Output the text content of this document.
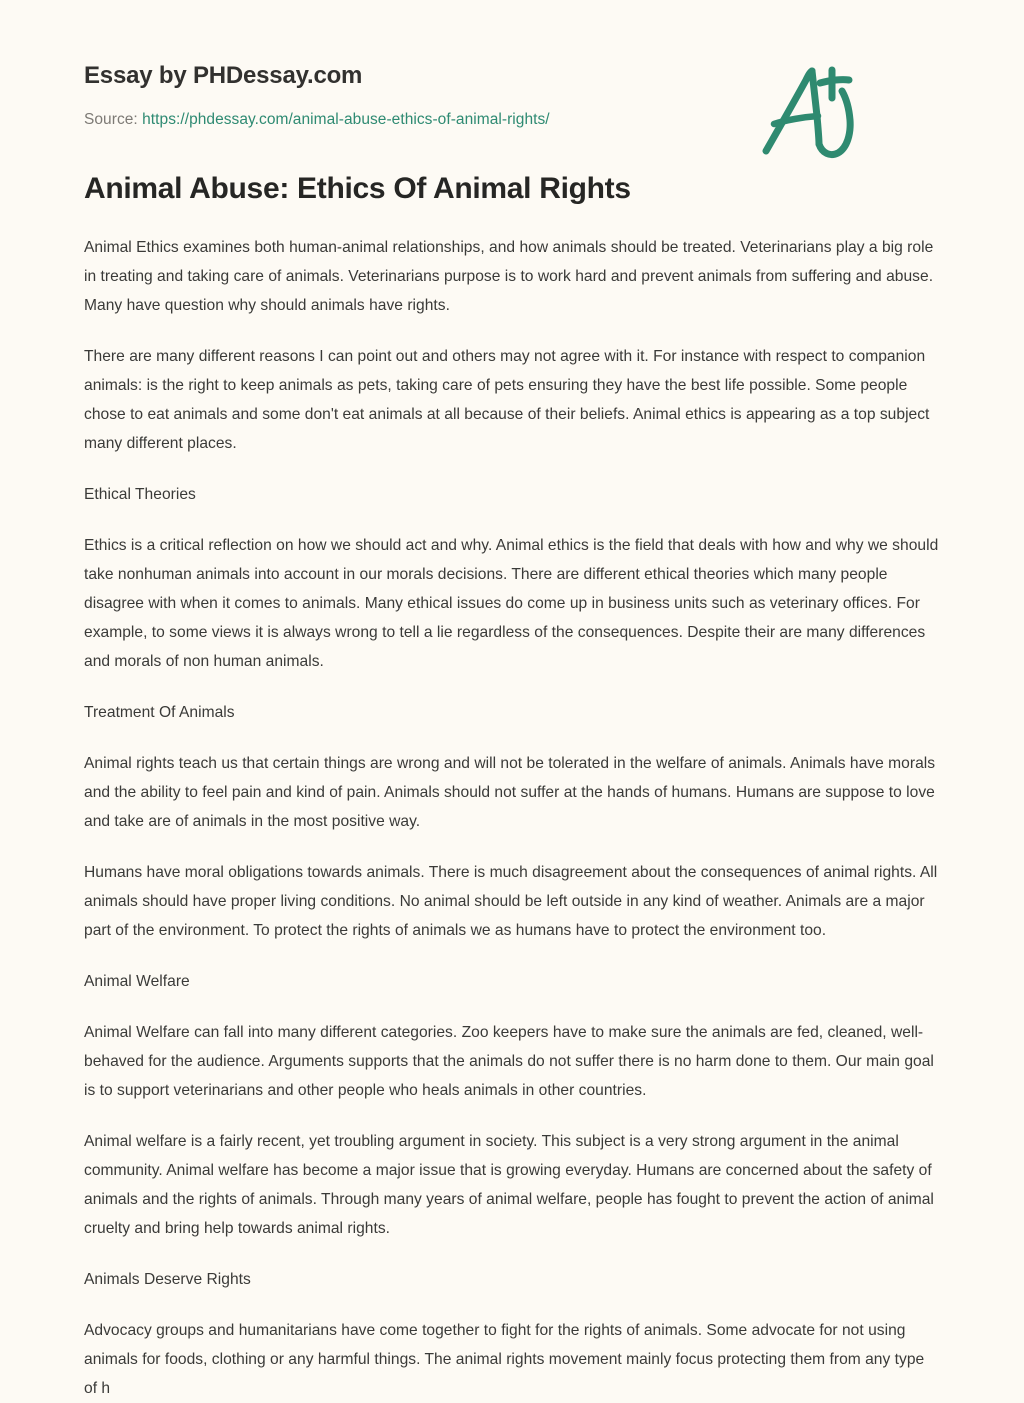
Essay by PHDessay.com

Source: https://phdessay.com/animal-abuse-ethics-of-animal-rights/

Animal Abuse: Ethics Of Animal Rights

Animal Ethics examines both human-animal relationships, and how animals should be treated. Veterinarians play a big role in treating and taking care of animals. Veterinarians purpose is to work hard and prevent animals from suffering and abuse. Many have question why should animals have rights.

There are many different reasons I can point out and others may not agree with it. For instance with respect to companion animals: is the right to keep animals as pets, taking care of pets ensuring they have the best life possible. Some people chose to eat animals and some don't eat animals at all because of their beliefs. Animal ethics is appearing as a top subject many different places.

Ethical Theories

Ethics is a critical reflection on how we should act and why. Animal ethics is the field that deals with how and why we should take nonhuman animals into account in our morals decisions. There are different ethical theories which many people disagree with when it comes to animals. Many ethical issues do come up in business units such as veterinary offices. For example, to some views it is always wrong to tell a lie regardless of the consequences. Despite their are many differences and morals of non human animals.

Treatment Of Animals

Animal rights teach us that certain things are wrong and will not be tolerated in the welfare of animals. Animals have morals and the ability to feel pain and kind of pain. Animals should not suffer at the hands of humans. Humans are suppose to love and take are of animals in the most positive way.

Humans have moral obligations towards animals. There is much disagreement about the consequences of animal rights. All animals should have proper living conditions. No animal should be left outside in any kind of weather. Animals are a major part of the environment. To protect the rights of animals we as humans have to protect the environment too.

Animal Welfare

Animal Welfare can fall into many different categories. Zoo keepers have to make sure the animals are fed, cleaned, well-behaved for the audience. Arguments supports that the animals do not suffer there is no harm done to them. Our main goal is to support veterinarians and other people who heals animals in other countries.

Animal welfare is a fairly recent, yet troubling argument in society. This subject is a very strong argument in the animal community. Animal welfare has become a major issue that is growing everyday. Humans are concerned about the safety of animals and the rights of animals. Through many years of animal welfare, people has fought to prevent the action of animal cruelty and bring help towards animal rights.

Animals Deserve Rights

Advocacy groups and humanitarians have come together to fight for the rights of animals. Some advocate for not using animals for foods, clothing or any harmful things. The animal rights movement mainly focus protecting them from any type of h
